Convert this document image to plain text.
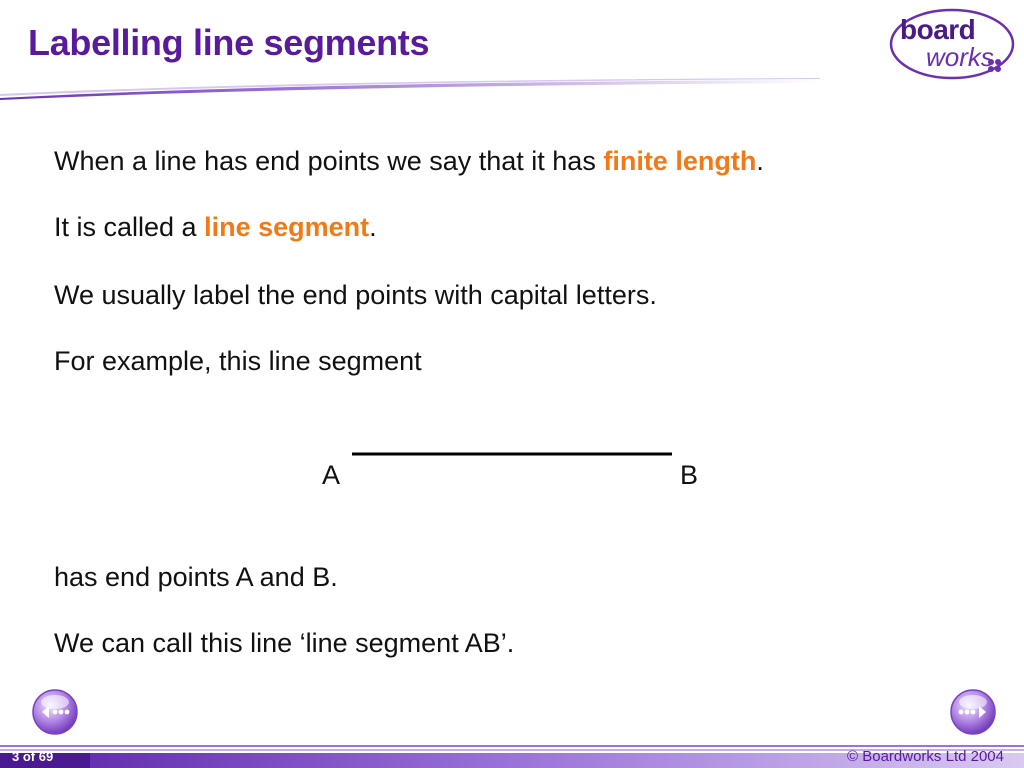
Labelling line segments	board
works
When a line has end points we say that it has finite length.
It is called a line segment.
We usually label the end points with capital letters.
For example, this line segment
A	B
has end points A and B.
We can call this line ‘line segment AB’.
3 of 69	© Boardworks Ltd 2004
